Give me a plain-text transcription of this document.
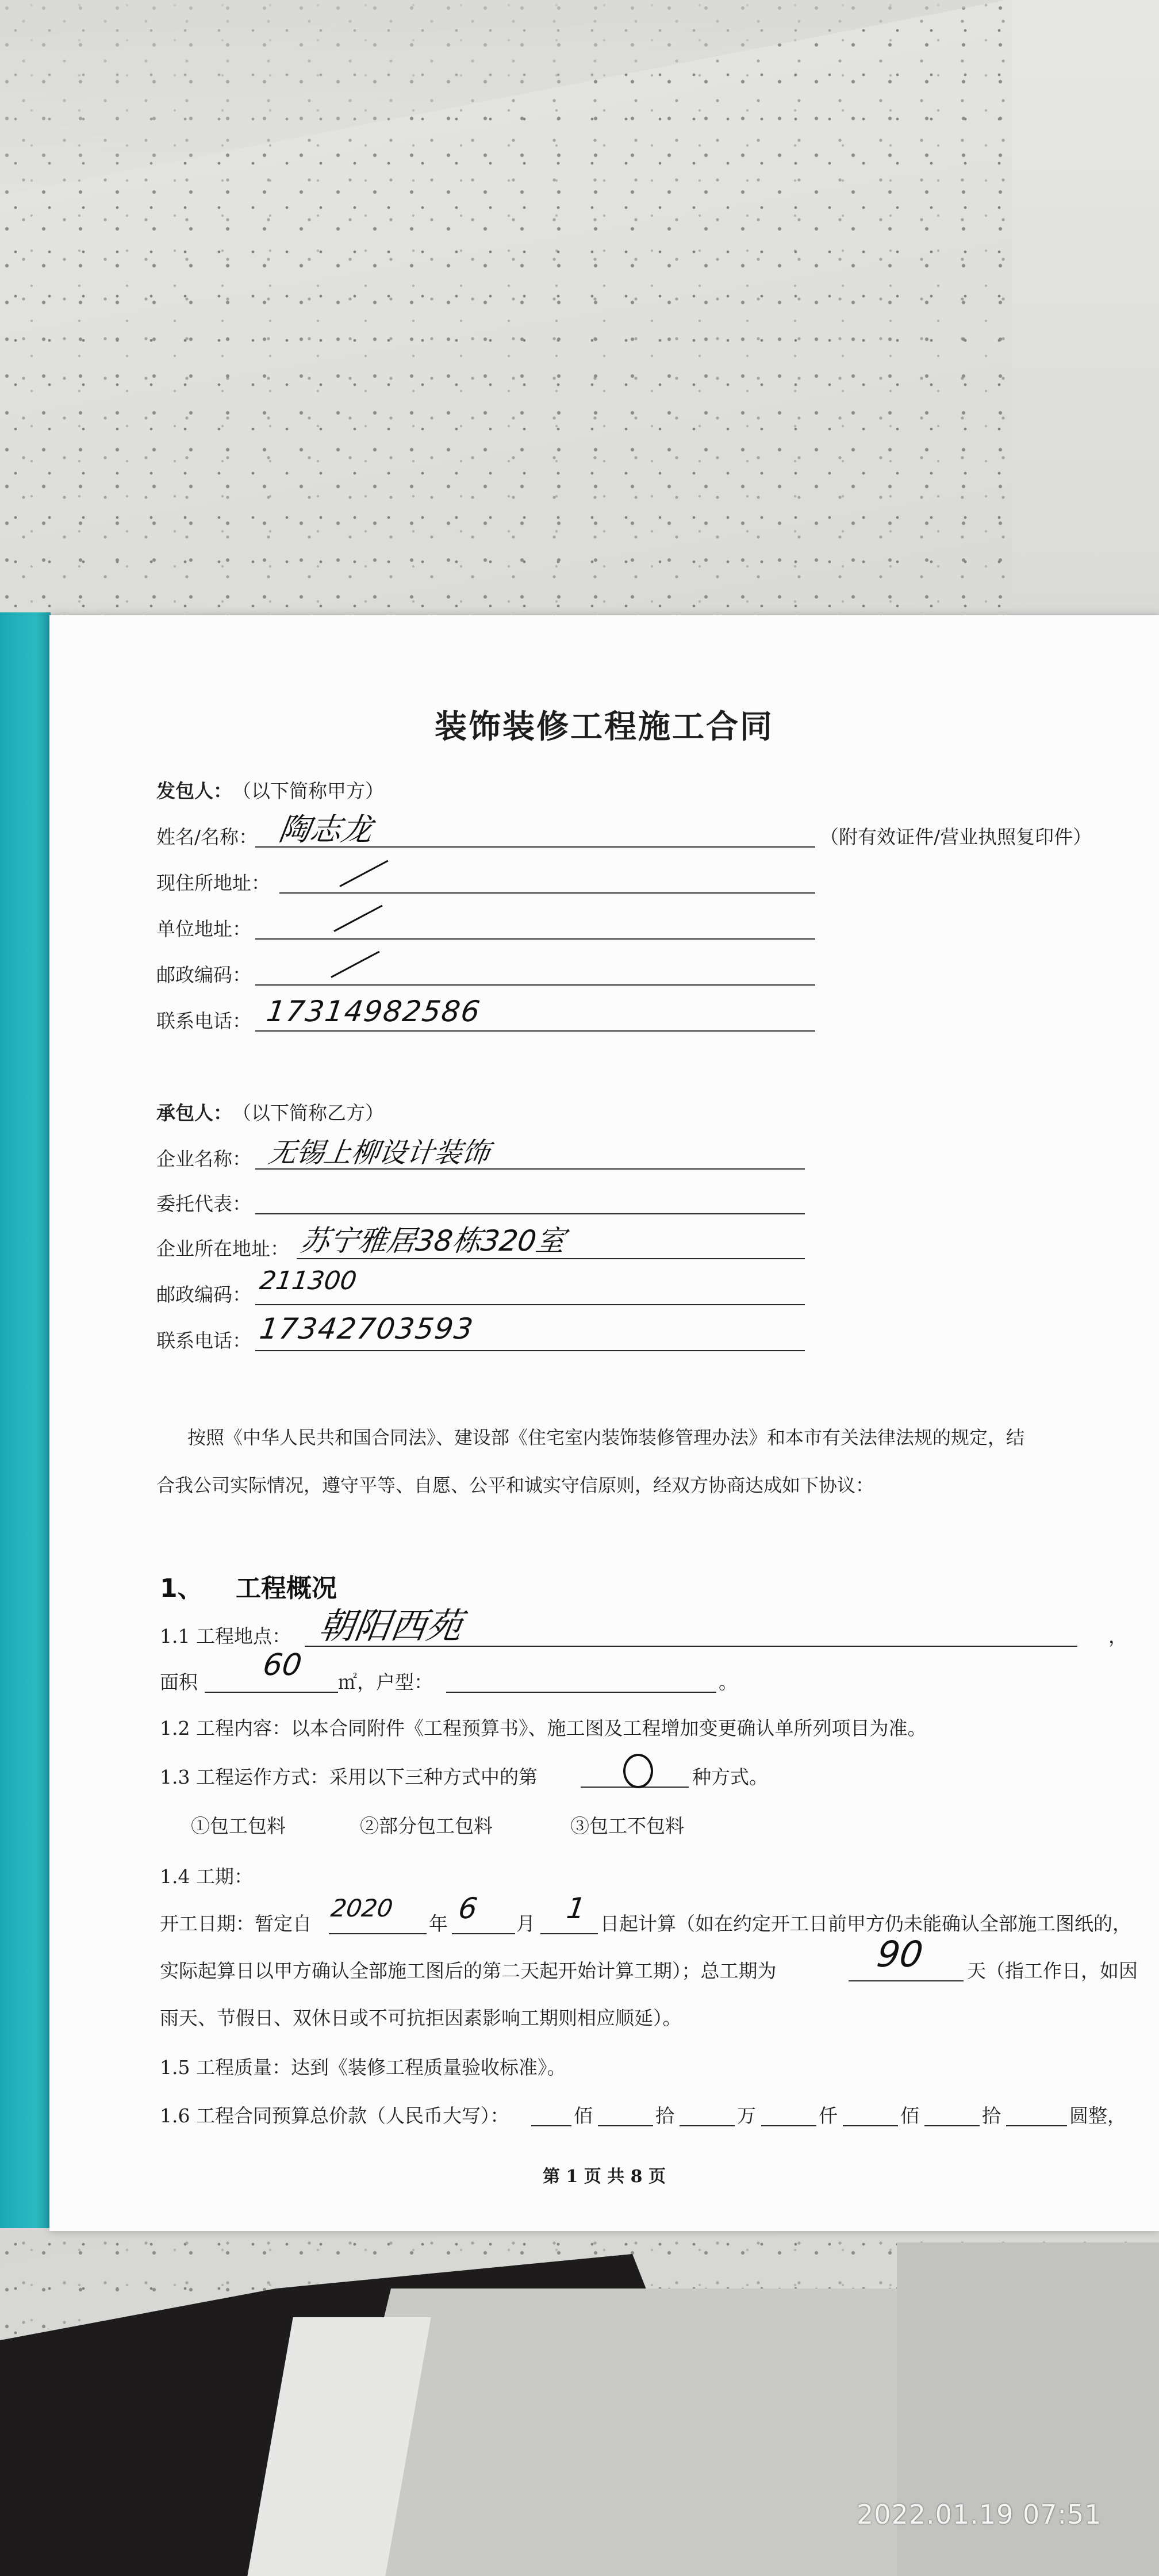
装饰装修工程施工合同
发包人： （以下简称甲方）
姓名/名称： 陶志龙	（附有效证件/营业执照复印件）
现住所地址：
单位地址：
邮政编码：
联系电话： 17314982586
承包人： （以下简称乙方）
企业名称： 无锡上柳设计装饰
委托代表：
企业所在地址： 苏宁雅居38栋320室
邮政编码： 211300
联系电话： 17342703593
按照《中华人民共和国合同法》、建设部《住宅室内装饰装修管理办法》和本市有关法律法规的规定，结
合我公司实际情况，遵守平等、自愿、公平和诚实守信原则，经双方协商达成如下协议：
1、 工程概况
1.1 工程地点： 朝阳西苑	，
面积 60 ㎡，户型：	。
1.2 工程内容：以本合同附件《工程预算书》、施工图及工程增加变更确认单所列项目为准。
1.3 工程运作方式：采用以下三种方式中的第	种方式。
①包工包料	②部分包工包料	③包工不包料
1.4 工期：
开工日期：暂定自
2020
年 6 月 1 日起计算（如在约定开工日前甲方仍未能确认全部施工图纸的，
实际起算日以甲方确认全部施工图后的第二天起开始计算工期）；总工期为	90 天（指工作日，如因
雨天、节假日、双休日或不可抗拒因素影响工期则相应顺延）。
1.5 工程质量：达到《装修工程质量验收标准》。
1.6 工程合同预算总价款（人民币大写）：	佰	拾	万	仟	佰	拾	圆整，
第 1 页 共 8 页
2022.01.19 07:51
